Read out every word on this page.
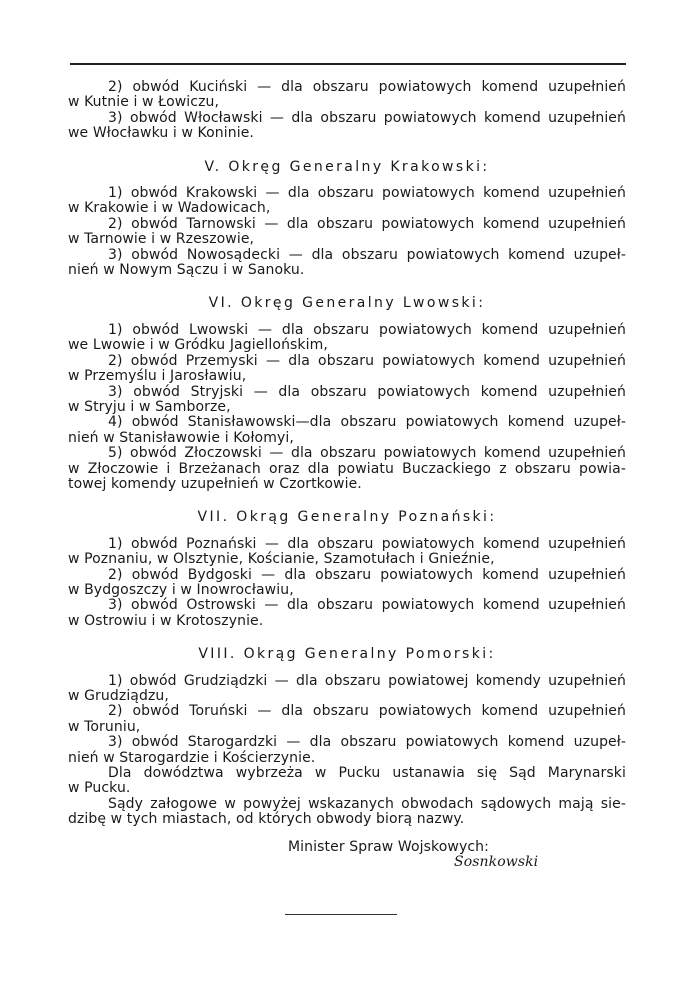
2) obwód Kuciński — dla obszaru powiatowych komend uzupełnień
w Kutnie i w Łowiczu,
3) obwód Włocławski — dla obszaru powiatowych komend uzupełnień
we Włocławku i w Koninie.
V. Okręg Generalny Krakowski:
1) obwód Krakowski — dla obszaru powiatowych komend uzupełnień
w Krakowie i w Wadowicach,
2) obwód Tarnowski — dla obszaru powiatowych komend uzupełnień
w Tarnowie i w Rzeszowie,
3) obwód Nowosądecki — dla obszaru powiatowych komend uzupeł-
nień w Nowym Sączu i w Sanoku.
VI. Okręg Generalny Lwowski:
1) obwód Lwowski — dla obszaru powiatowych komend uzupełnień
we Lwowie i w Gródku Jagiellońskim,
2) obwód Przemyski — dla obszaru powiatowych komend uzupełnień
w Przemyślu i Jarosławiu,
3) obwód Stryjski — dla obszaru powiatowych komend uzupełnień
w Stryju i w Samborze,
4) obwód Stanisławowski—dla obszaru powiatowych komend uzupeł-
nień w Stanisławowie i Kołomyi,
5) obwód Złoczowski — dla obszaru powiatowych komend uzupełnień
w Złoczowie i Brzeżanach oraz dla powiatu Buczackiego z obszaru powia-
towej komendy uzupełnień w Czortkowie.
VII. Okrąg Generalny Poznański:
1) obwód Poznański — dla obszaru powiatowych komend uzupełnień
w Poznaniu, w Olsztynie, Kościanie, Szamotułach i Gnieźnie,
2) obwód Bydgoski — dla obszaru powiatowych komend uzupełnień
w Bydgoszczy i w Inowrocławiu,
3) obwód Ostrowski — dla obszaru powiatowych komend uzupełnień
w Ostrowiu i w Krotoszynie.
VIII. Okrąg Generalny Pomorski:
1) obwód Grudziądzki — dla obszaru powiatowej komendy uzupełnień
w Grudziądzu,
2) obwód Toruński — dla obszaru powiatowych komend uzupełnień
w Toruniu,
3) obwód Starogardzki — dla obszaru powiatowych komend uzupeł-
nień w Starogardzie i Kościerzynie.
Dla dowództwa wybrzeża w Pucku ustanawia się Sąd Marynarski
w Pucku.
Sądy załogowe w powyżej wskazanych obwodach sądowych mają sie-
dzibę w tych miastach, od których obwody biorą nazwy.
Minister Spraw Wojskowych:
Sosnkowski
